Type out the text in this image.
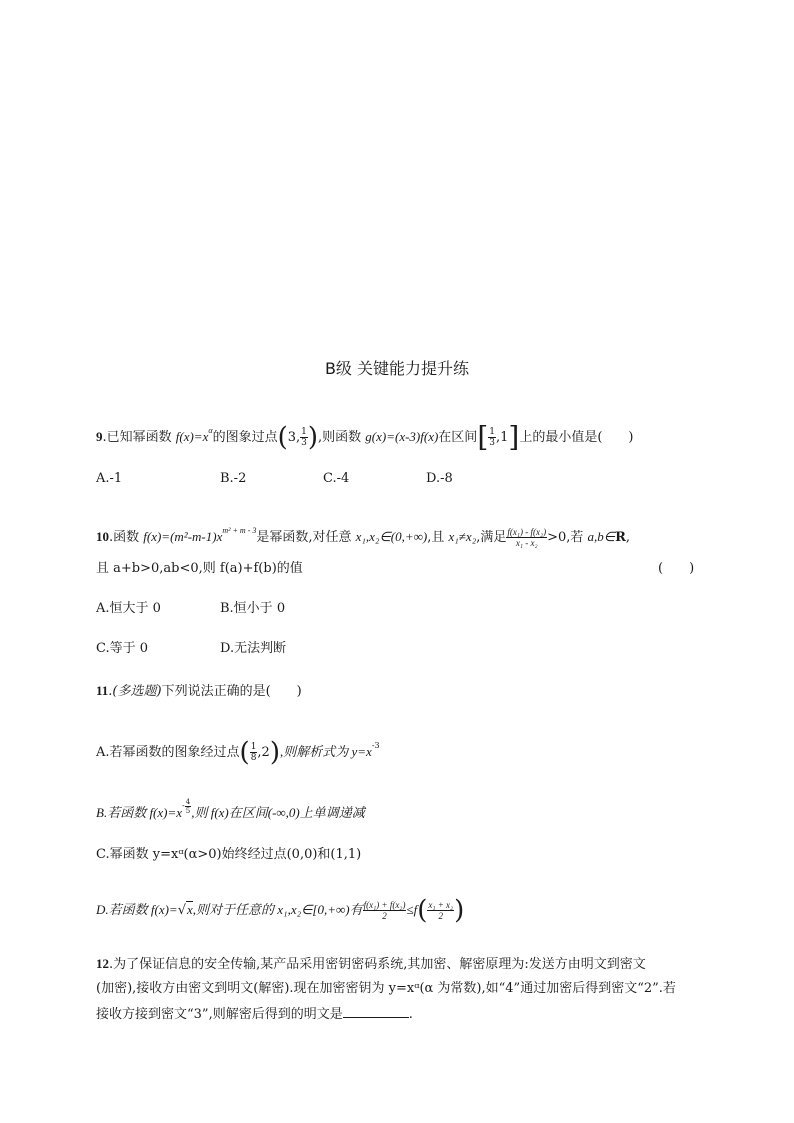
B级 关键能力提升练
9.已知幂函数 $f(x)=x^\alpha$的图象过点(3, $\frac{1}{3}$ ),则函数 g(x)=(x-3)f(x)在区间[ $\frac{1}{3} ,1$]上的最小值是(　　)
A.-1	B.-2	C.-4	D.-8
10.函数 $f(x)=(m^2-m-1)x^{m^2 + m - 3}$是幂函数,对任意 x₁,x₂∈(0,+∞),且 x₁≠x₂,满足 $\frac{\text{f(x₁) - f(x₂)}}{\text{x₁ - x₂}} >0$,若 a,b∈R,
且 a+b>0,ab<0,则 f(a)+f(b)的值	(　　)
A.恒大于 0	B.恒小于 0
C.等于 0	D.无法判断
11.(多选题)下列说法正确的是(　　)
A.若幂函数的图象经过点( $\frac{1}{8} ,2$),则解析式为 $y=x^{-3}$
B.若函数 $f(x)=x^{- \frac{4}{5}}$ ,则 f(x)在区间(-∞,0)上单调递减
C.幂函数 y=xᵅ(α>0)始终经过点(0,0)和(1,1)
D.若函数 f(x)=√x,则对于任意的 x₁,x₂∈[0,+∞)有 $\frac{\text{f(x₁) + f(x₂)}}{2} \le f( \frac{\text{x₁ + x₂}}{2}$ )
12.为了保证信息的安全传输,某产品采用密钥密码系统,其加密、解密原理为:发送方由明文到密文
(加密),接收方由密文到明文(解密).现在加密密钥为 y=xᵅ(α 为常数),如“4”通过加密后得到密文“2”.若
接收方接到密文“3”,则解密后得到的明文是	.
